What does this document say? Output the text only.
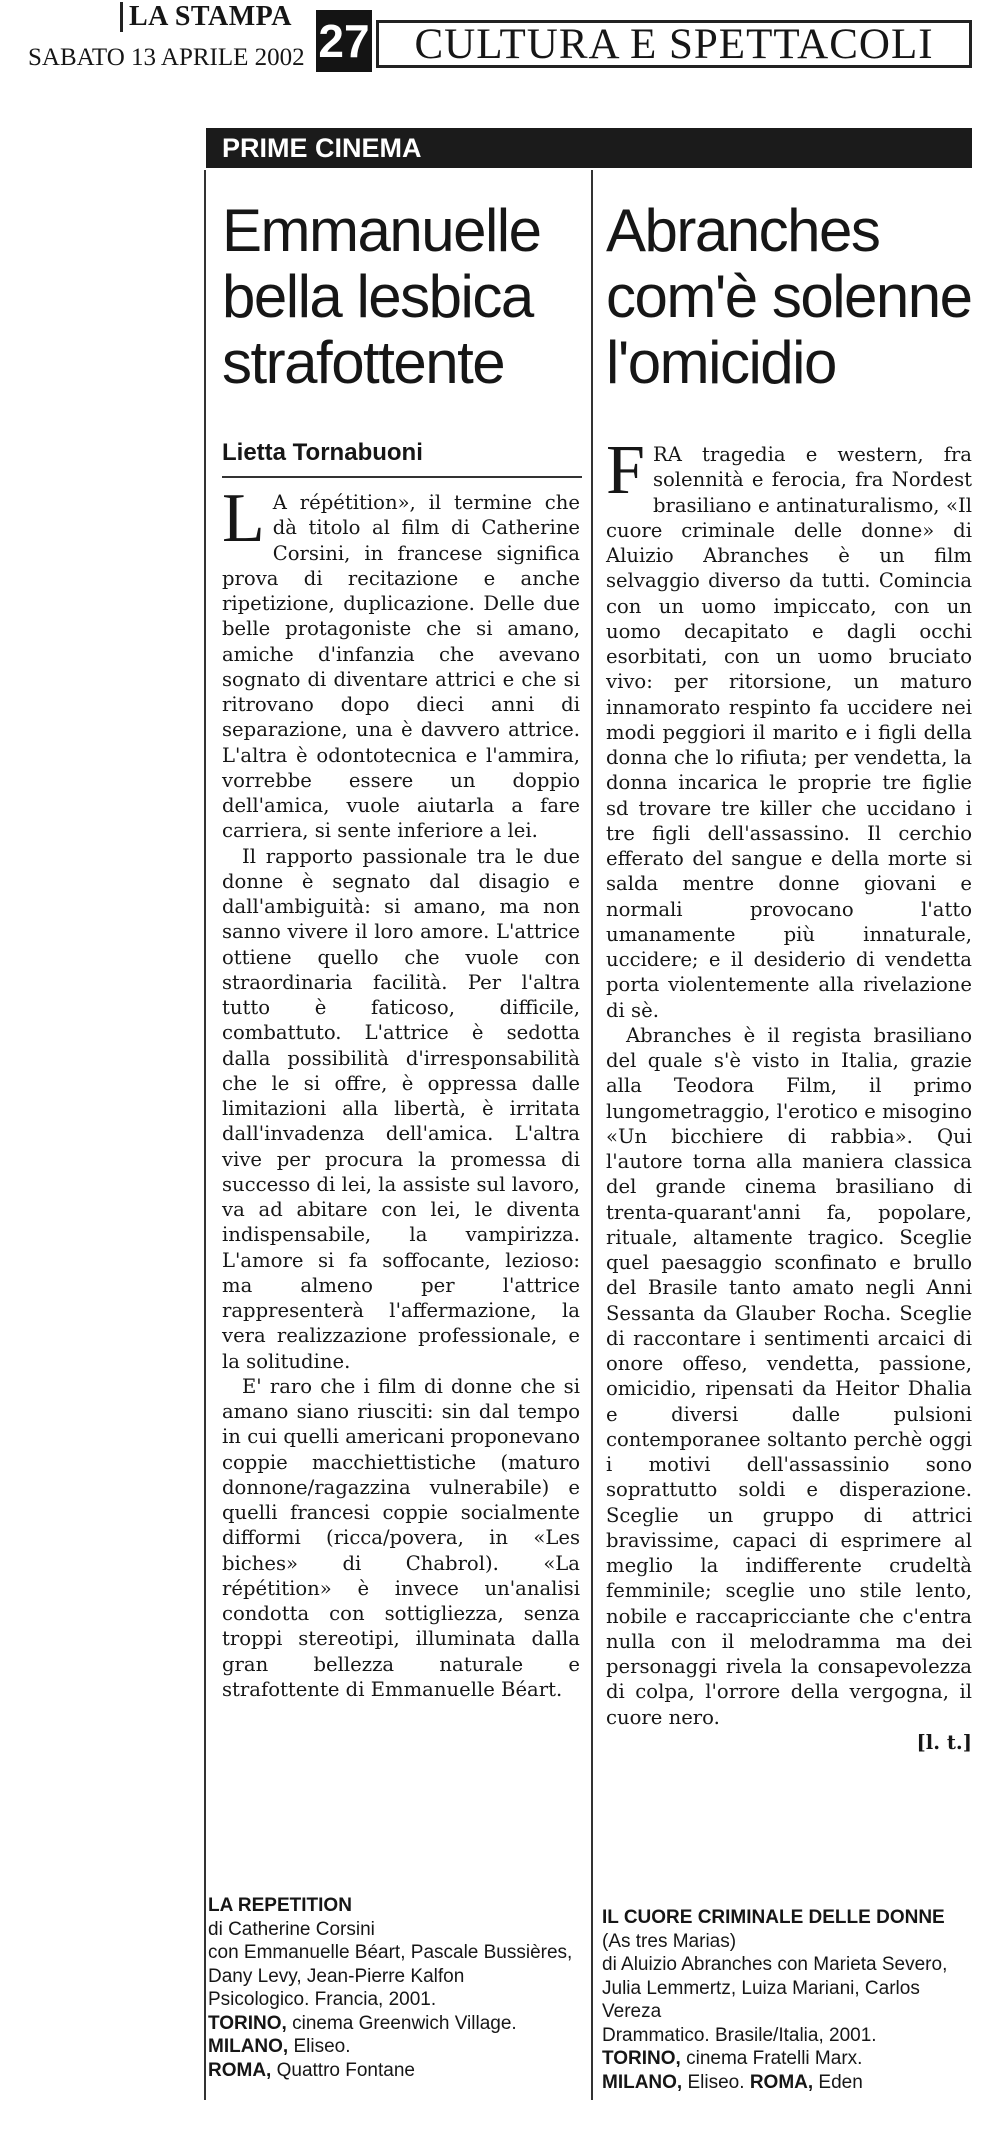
LA STAMPA
SABATO 13 APRILE 2002 27	CULTURA E SPETTACOLI
PRIME CINEMA
Emmanuelle
bella lesbica
strafottente
Lietta Tornabuoni

L A répétition», il termine che dà titolo al film di Catherine Corsini, in francese significa prova di recitazione e anche ripetizione, duplicazione. Delle due belle protagoniste che si amano, amiche d'infanzia che avevano sognato di diventare attrici e che si ritrovano dopo dieci anni di separazione, una è davvero attrice. L'altra è odontotecnica e l'ammira, vorrebbe essere un doppio dell'amica, vuole aiutarla a fare carriera, si sente inferiore a lei.

Il rapporto passionale tra le due donne è segnato dal disagio e dall'ambiguità: si amano, ma non sanno vivere il loro amore. L'attrice ottiene quello che vuole con straordinaria facilità. Per l'altra tutto è faticoso, difficile, combattuto. L'attrice è sedotta dalla possibilità d'irresponsabilità che le si offre, è oppressa dalle limitazioni alla libertà, è irritata dall'invadenza dell'amica. L'altra vive per procura la promessa di successo di lei, la assiste sul lavoro, va ad abitare con lei, le diventa indispensabile, la vampirizza. L'amore si fa soffocante, lezioso: ma almeno per l'attrice rappresenterà l'affermazione, la vera realizzazione professionale, e la solitudine.

E' raro che i film di donne che si amano siano riusciti: sin dal tempo in cui quelli americani proponevano coppie macchiettistiche (maturo donnone/ragazzina vulnerabile) e quelli francesi coppie socialmente difformi (ricca/povera, in «Les biches» di Chabrol). «La répétition» è invece un'analisi condotta con sottigliezza, senza troppi stereotipi, illuminata dalla gran bellezza naturale e strafottente di Emmanuelle Béart.

Abranches
com'è solenne
l'omicidio

FRA tragedia e western, fra solennità e ferocia, fra Nordest brasiliano e antinaturalismo, «Il cuore criminale delle donne» di Aluizio Abranches è un film selvaggio diverso da tutti. Comincia con un uomo impiccato, con un uomo decapitato e dagli occhi esorbitati, con un uomo bruciato vivo: per ritorsione, un maturo innamorato respinto fa uccidere nei modi peggiori il marito e i figli della donna che lo rifiuta; per vendetta, la donna incarica le proprie tre figlie sd trovare tre killer che uccidano i tre figli dell'assassino. Il cerchio efferato del sangue e della morte si salda mentre donne giovani e normali provocano l'atto umanamente più innaturale, uccidere; e il desiderio di vendetta porta violentemente alla rivelazione di sè.

Abranches è il regista brasiliano del quale s'è visto in Italia, grazie alla Teodora Film, il primo lungometraggio, l'erotico e misogino «Un bicchiere di rabbia». Qui l'autore torna alla maniera classica del grande cinema brasiliano di trenta-quarant'anni fa, popolare, rituale, altamente tragico. Sceglie quel paesaggio sconfinato e brullo del Brasile tanto amato negli Anni Sessanta da Glauber Rocha. Sceglie di raccontare i sentimenti arcaici di onore offeso, vendetta, passione, omicidio, ripensati da Heitor Dhalia e diversi dalle pulsioni contemporanee soltanto perchè oggi i motivi dell'assassinio sono soprattutto soldi e disperazione. Sceglie un gruppo di attrici bravissime, capaci di esprimere al meglio la indifferente crudeltà femminile; sceglie uno stile lento, nobile e raccapricciante che c'entra nulla con il melodramma ma dei personaggi rivela la consapevolezza di colpa, l'orrore della vergogna, il cuore nero.
[l. t.]

LA REPETITION
di Catherine Corsini
con Emmanuelle Béart, Pascale Bussières, Dany Levy, Jean-Pierre Kalfon
Psicologico. Francia, 2001.
TORINO, cinema Greenwich Village.
MILANO, Eliseo.
ROMA, Quattro Fontane
IL CUORE CRIMINALE DELLE DONNE
(As tres Marias)
di Aluizio Abranches con Marieta Severo, Julia Lemmertz, Luiza Mariani, Carlos Vereza
Drammatico. Brasile/Italia, 2001.
TORINO, cinema Fratelli Marx.
MILANO, Eliseo. ROMA, Eden
